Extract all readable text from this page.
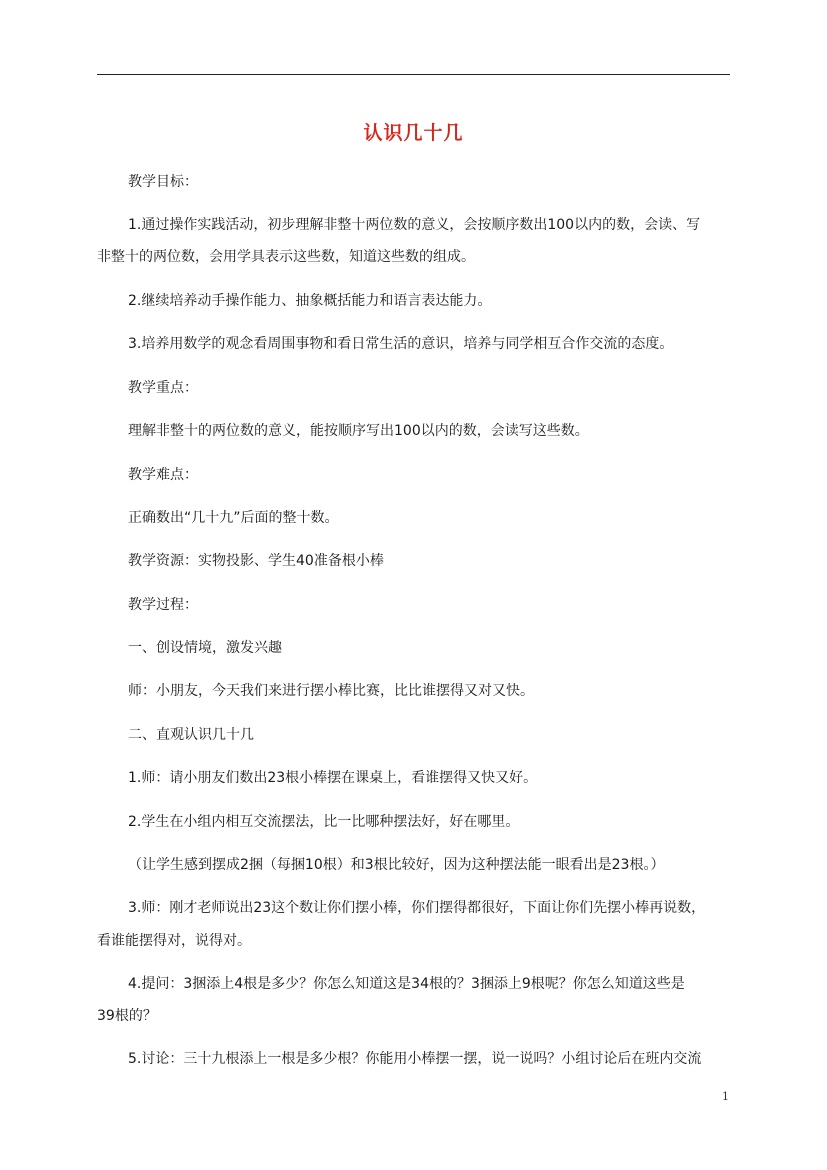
认识几十几
教学目标：
1.通过操作实践活动，初步理解非整十两位数的意义，会按顺序数出100以内的数，会读、写
非整十的两位数，会用学具表示这些数，知道这些数的组成。
2.继续培养动手操作能力、抽象概括能力和语言表达能力。
3.培养用数学的观念看周围事物和看日常生活的意识，培养与同学相互合作交流的态度。
教学重点：
理解非整十的两位数的意义，能按顺序写出100以内的数，会读写这些数。
教学难点：
正确数出“几十九”后面的整十数。
教学资源：实物投影、学生40准备根小棒
教学过程：
一、创设情境，激发兴趣
师：小朋友，今天我们来进行摆小棒比赛，比比谁摆得又对又快。
二、直观认识几十几
1.师：请小朋友们数出23根小棒摆在课桌上，看谁摆得又快又好。
2.学生在小组内相互交流摆法，比一比哪种摆法好，好在哪里。
（让学生感到摆成2捆（每捆10根）和3根比较好，因为这种摆法能一眼看出是23根。）
3.师：刚才老师说出23这个数让你们摆小棒，你们摆得都很好，下面让你们先摆小棒再说数，
看谁能摆得对，说得对。
4.提问：3捆添上4根是多少？你怎么知道这是34根的？3捆添上9根呢？你怎么知道这些是
39根的？
5.讨论：三十九根添上一根是多少根？你能用小棒摆一摆，说一说吗？小组讨论后在班内交流
1
